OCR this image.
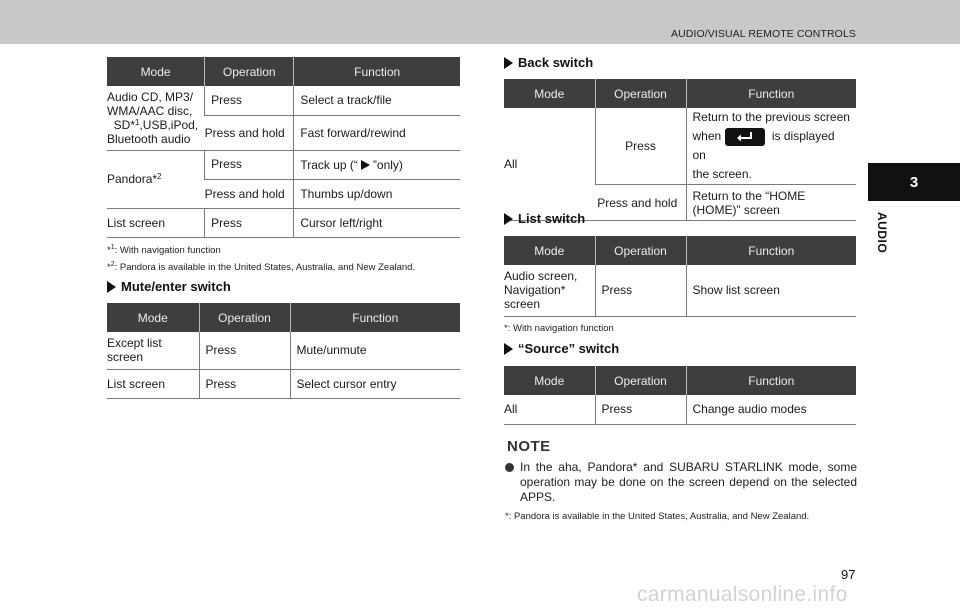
AUDIO/VISUAL REMOTE CONTROLS
3
AUDIO
Mode	Operation	Function
Audio CD, MP3/
WMA/AAC disc,
SD*$^1$,USB,iPod,
Bluetooth audio	Press	Select a track/file
	Press and hold	Fast forward/rewind
Pandora*$^2$	Press	Track up (“ ”only)
	Press and hold	Thumbs up/down
List screen	Press	Cursor left/right
*$^1$: With navigation function
*$^2$: Pandora is available in the United States, Australia, and New Zealand.
Mute/enter switch
Mode	Operation	Function
Except list
screen	Press	Mute/unmute
List screen	Press	Select cursor entry
Back switch
Mode	Operation	Function
All	Press	Return to the previous screen
when is displayed on
the screen.
	Press and hold	Return to the “HOME
(HOME)” screen
List switch
Mode	Operation	Function
Audio screen,
Navigation*
screen	Press	Show list screen
*: With navigation function
“Source” switch
Mode	Operation	Function
All	Press	Change audio modes
NOTE
In the aha, Pandora* and SUBARU STARLINK mode, some operation may be done on the screen depend on the selected APPS.
*: Pandora is available in the United States, Australia, and New Zealand.
97
carmanualsonline.info
